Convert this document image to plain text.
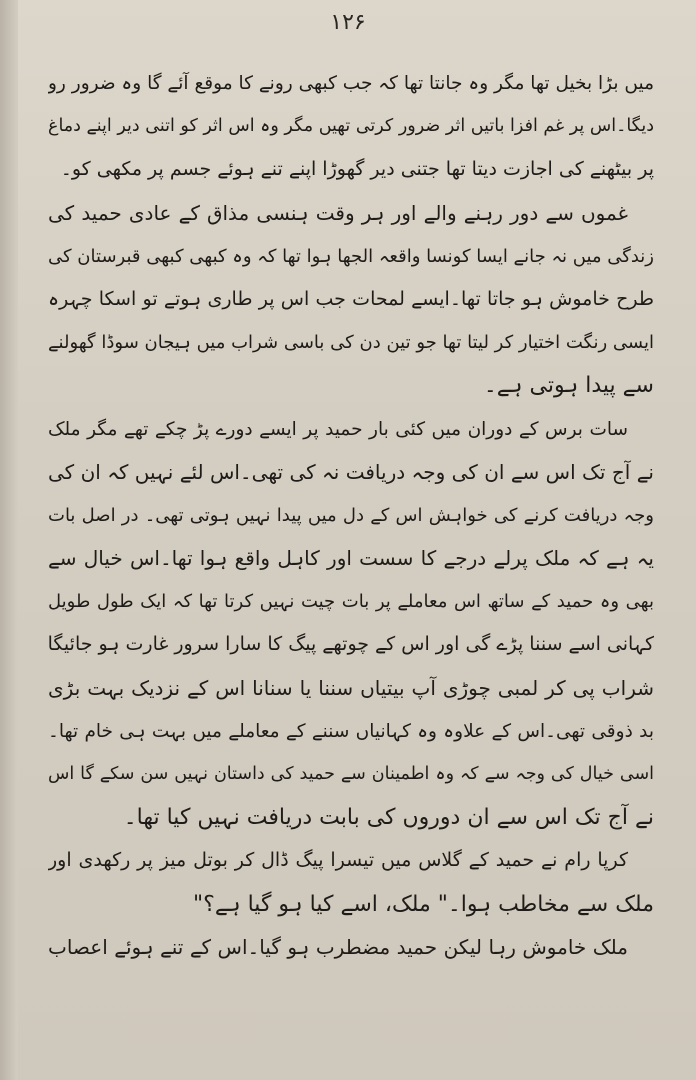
۱۲۶
میں بڑا بخیل تھا مگر وہ جانتا تھا کہ جب کبھی رونے کا موقع آئے گا وہ ضرور رو
دیگا۔اس پر غم افزا باتیں اثر ضرور کرتی تھیں مگر وہ اس اثر کو اتنی دیر اپنے دماغ
پر بیٹھنے کی اجازت دیتا تھا جتنی دیر گھوڑا اپنے تنے ہوئے جسم پر مکھی کو۔
غموں سے دور رہنے والے اور ہر وقت ہنسی مذاق کے عادی حمید کی
زندگی میں نہ جانے ایسا کونسا واقعہ الجھا ہوا تھا کہ وہ کبھی کبھی قبرستان کی
طرح خاموش ہو جاتا تھا۔ایسے لمحات جب اس پر طاری ہوتے تو اسکا چہرہ
ایسی رنگت اختیار کر لیتا تھا جو تین دن کی باسی شراب میں ہیجان سوڈا گھولنے
سے پیدا ہوتی ہے۔
سات برس کے دوران میں کئی بار حمید پر ایسے دورے پڑ چکے تھے مگر ملک
نے آج تک اس سے ان کی وجہ دریافت نہ کی تھی۔اس لئے نہیں کہ ان کی
وجہ دریافت کرنے کی خواہش اس کے دل میں پیدا نہیں ہوتی تھی۔ در اصل بات
یہ ہے کہ ملک پرلے درجے کا سست اور کاہل واقع ہوا تھا۔اس خیال سے
بھی وہ حمید کے ساتھ اس معاملے پر بات چیت نہیں کرتا تھا کہ ایک طول طویل
کہانی اسے سننا پڑے گی اور اس کے چوتھے پیگ کا سارا سرور غارت ہو جائیگا
شراب پی کر لمبی چوڑی آپ بیتیاں سننا یا سنانا اس کے نزدیک بہت بڑی
بد ذوقی تھی۔اس کے علاوہ وہ کہانیاں سننے کے معاملے میں بہت ہی خام تھا۔
اسی خیال کی وجہ سے کہ وہ اطمینان سے حمید کی داستان نہیں سن سکے گا اس
نے آج تک اس سے ان دوروں کی بابت دریافت نہیں کیا تھا۔
کرپا رام نے حمید کے گلاس میں تیسرا پیگ ڈال کر بوتل میز پر رکھدی اور
ملک سے مخاطب ہوا۔" ملک، اسے کیا ہو گیا ہے؟"
ملک خاموش رہا لیکن حمید مضطرب ہو گیا۔اس کے تنے ہوئے اعصاب
